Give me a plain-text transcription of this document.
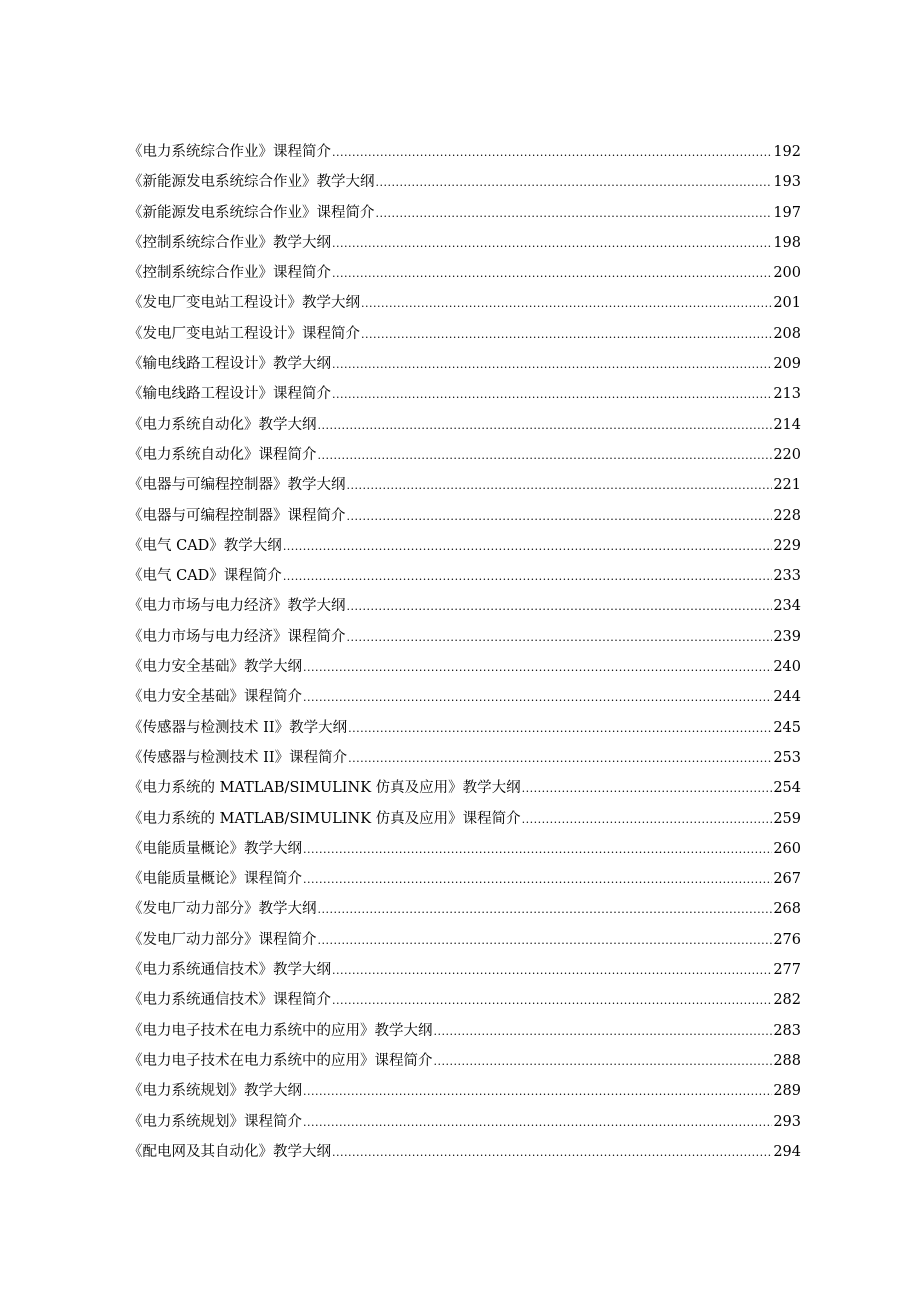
《电力系统综合作业》课程简介 .....	192
《新能源发电系统综合作业》教学大纲 .....	193
《新能源发电系统综合作业》课程简介 .....	197
《控制系统综合作业》教学大纲 .....	198
《控制系统综合作业》课程简介 .....	200
《发电厂变电站工程设计》教学大纲 .....	201
《发电厂变电站工程设计》课程简介 .....	208
《输电线路工程设计》教学大纲 .....	209
《输电线路工程设计》课程简介 .....	213
《电力系统自动化》教学大纲 .....	214
《电力系统自动化》课程简介 .....	220
《电器与可编程控制器》教学大纲 .....	221
《电器与可编程控制器》课程简介 .....	228
《电气 CAD》教学大纲 .....	229
《电气 CAD》课程简介 .....	233
《电力市场与电力经济》教学大纲 .....	234
《电力市场与电力经济》课程简介 .....	239
《电力安全基础》教学大纲 .....	240
《电力安全基础》课程简介 .....	244
《传感器与检测技术 II》教学大纲 .....	245
《传感器与检测技术 II》课程简介 .....	253
《电力系统的 MATLAB/SIMULINK 仿真及应用》教学大纲 .....	254
《电力系统的 MATLAB/SIMULINK 仿真及应用》课程简介 .....	259
《电能质量概论》教学大纲 .....	260
《电能质量概论》课程简介 .....	267
《发电厂动力部分》教学大纲 .....	268
《发电厂动力部分》课程简介 .....	276
《电力系统通信技术》教学大纲 .....	277
《电力系统通信技术》课程简介 .....	282
《电力电子技术在电力系统中的应用》教学大纲 .....	283
《电力电子技术在电力系统中的应用》课程简介 .....	288
《电力系统规划》教学大纲 .....	289
《电力系统规划》课程简介 .....	293
《配电网及其自动化》教学大纲 .....	294
